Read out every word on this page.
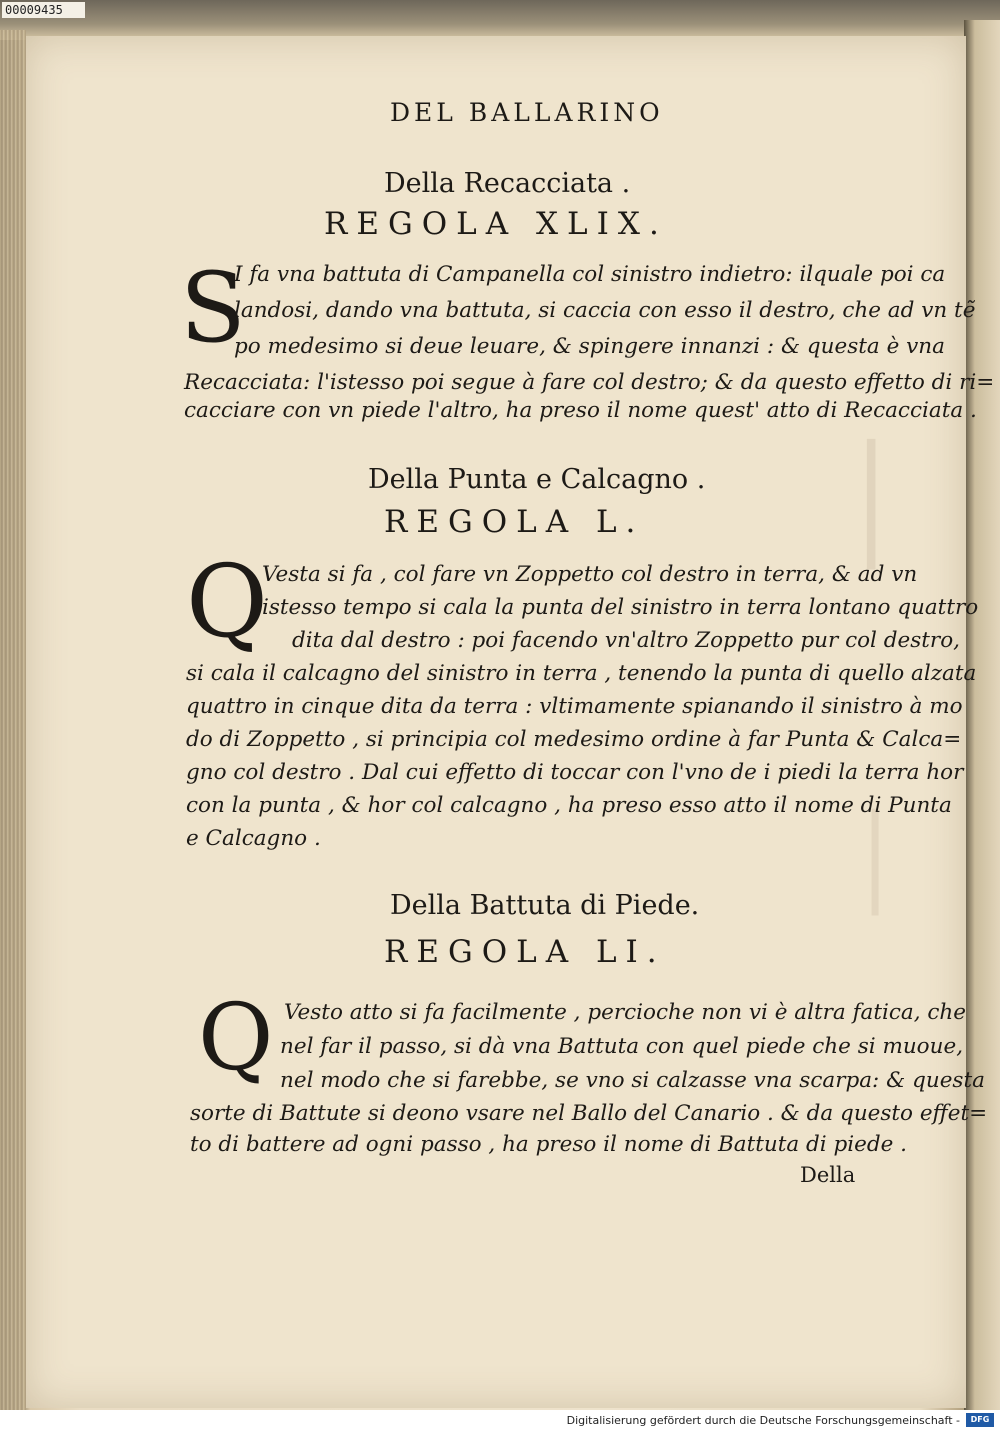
00009435
│
│
DEL BALLARINO
Della Recacciata .
REGOLA XLIX.
S
I fa vna battuta di Campanella col sinistro indietro: ilquale poi ca
landosi, dando vna battuta, si caccia con esso il destro, che ad vn tẽ
po medesimo si deue leuare, & spingere innanzi : & questa è vna
Recacciata: l'istesso poi segue à fare col destro; & da questo effetto di ri=
cacciare con vn piede l'altro, ha preso il nome quest' atto di Recacciata .
Della Punta e Calcagno .
REGOLA L.
Q
Vesta si fa , col fare vn Zoppetto col destro in terra, & ad vn
istesso tempo si cala la punta del sinistro in terra lontano quattro
dita dal destro : poi facendo vn'altro Zoppetto pur col destro,
si cala il calcagno del sinistro in terra , tenendo la punta di quello alzata
quattro in cinque dita da terra : vltimamente spianando il sinistro à mo
do di Zoppetto , si principia col medesimo ordine à far Punta & Calca=
gno col destro . Dal cui effetto di toccar con l'vno de i piedi la terra hor
con la punta , & hor col calcagno , ha preso esso atto il nome di Punta
e Calcagno .
Della Battuta di Piede.
REGOLA LI.
Q Vesto atto si fa facilmente , percioche non vi è altra fatica, che
nel far il passo, si dà vna Battuta con quel piede che si muoue,
nel modo che si farebbe, se vno si calzasse vna scarpa: & questa
sorte di Battute si deono vsare nel Ballo del Canario . & da questo effet=
to di battere ad ogni passo , ha preso il nome di Battuta di piede .
Della
Digitalisierung gefördert durch die Deutsche Forschungsgemeinschaft -	DFG
